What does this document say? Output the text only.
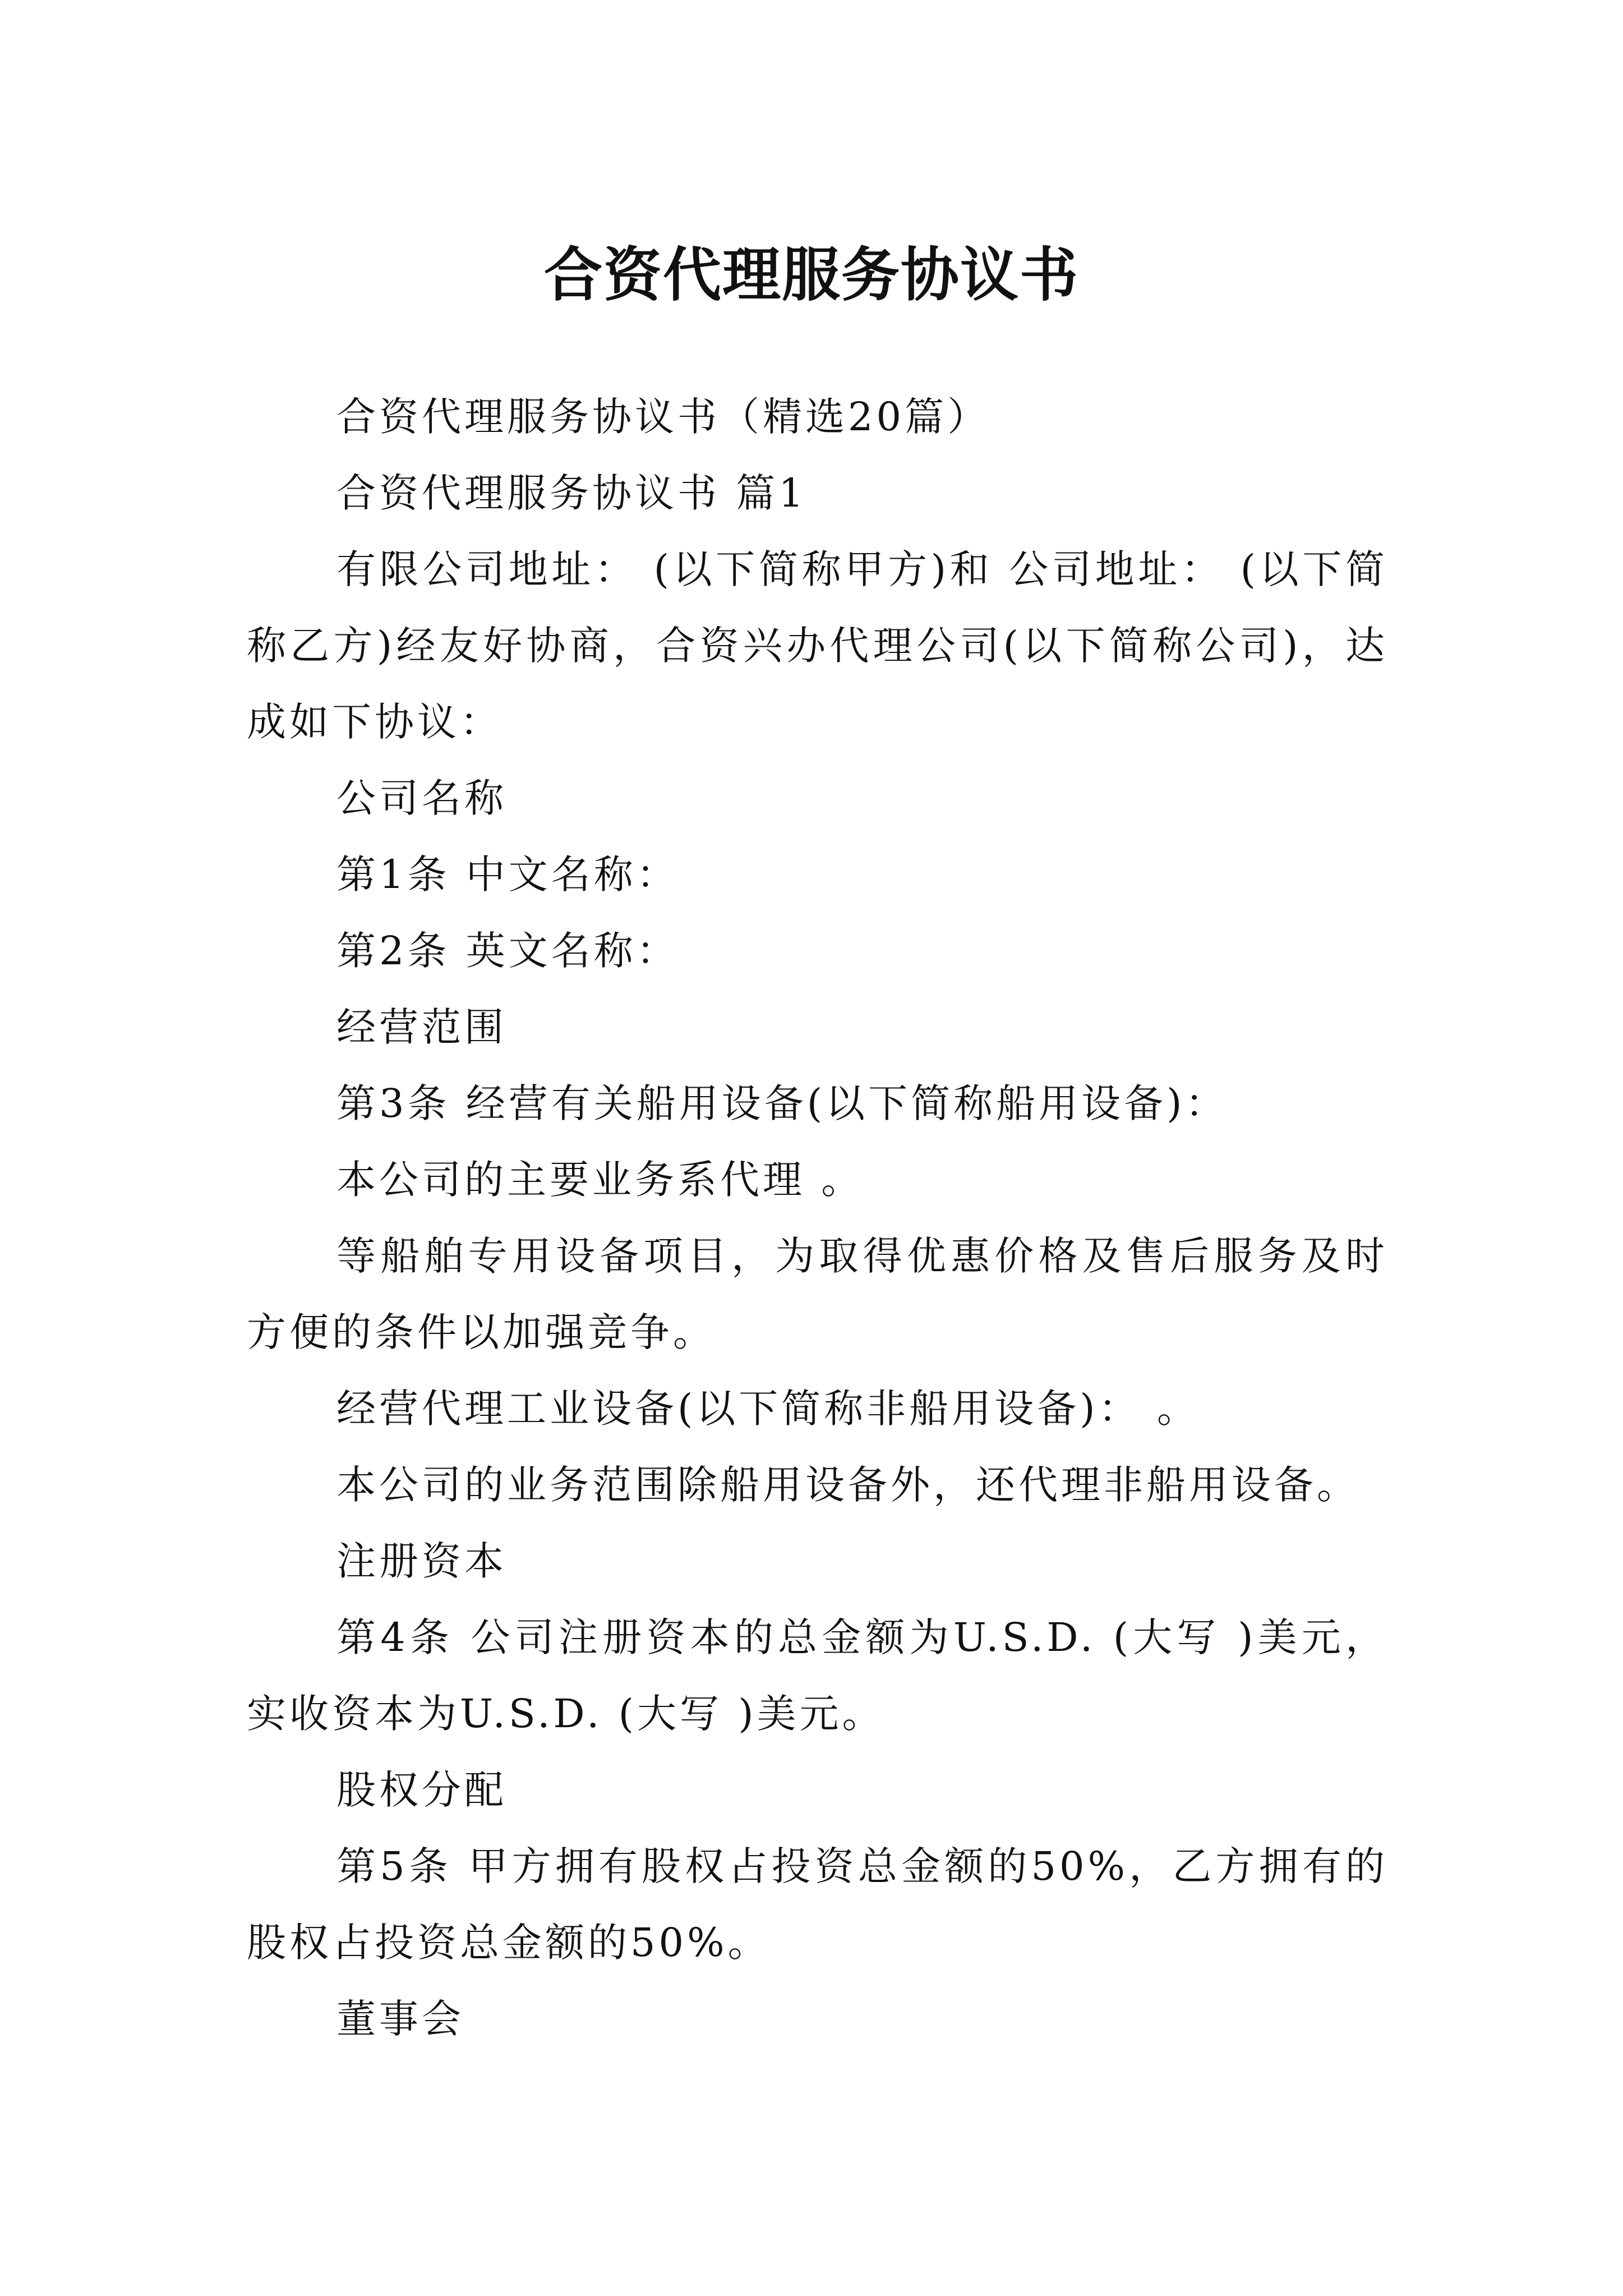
合资代理服务协议书

合资代理服务协议书（精选20篇）

合资代理服务协议书 篇1

有限公司地址： (以下简称甲方)和 公司地址： (以下简称乙方)经友好协商，合资兴办代理公司(以下简称公司)，达成如下协议：

公司名称

第1条 中文名称：

第2条 英文名称：

经营范围

第3条 经营有关船用设备(以下简称船用设备)：

本公司的主要业务系代理 。

等船舶专用设备项目，为取得优惠价格及售后服务及时方便的条件以加强竞争。

经营代理工业设备(以下简称非船用设备)： 。

本公司的业务范围除船用设备外，还代理非船用设备。

注册资本

第4条 公司注册资本的总金额为U.S.D. (大写 )美元，实收资本为U.S.D. (大写 )美元。

股权分配

第5条 甲方拥有股权占投资总金额的50%，乙方拥有的股权占投资总金额的50%。

董事会
